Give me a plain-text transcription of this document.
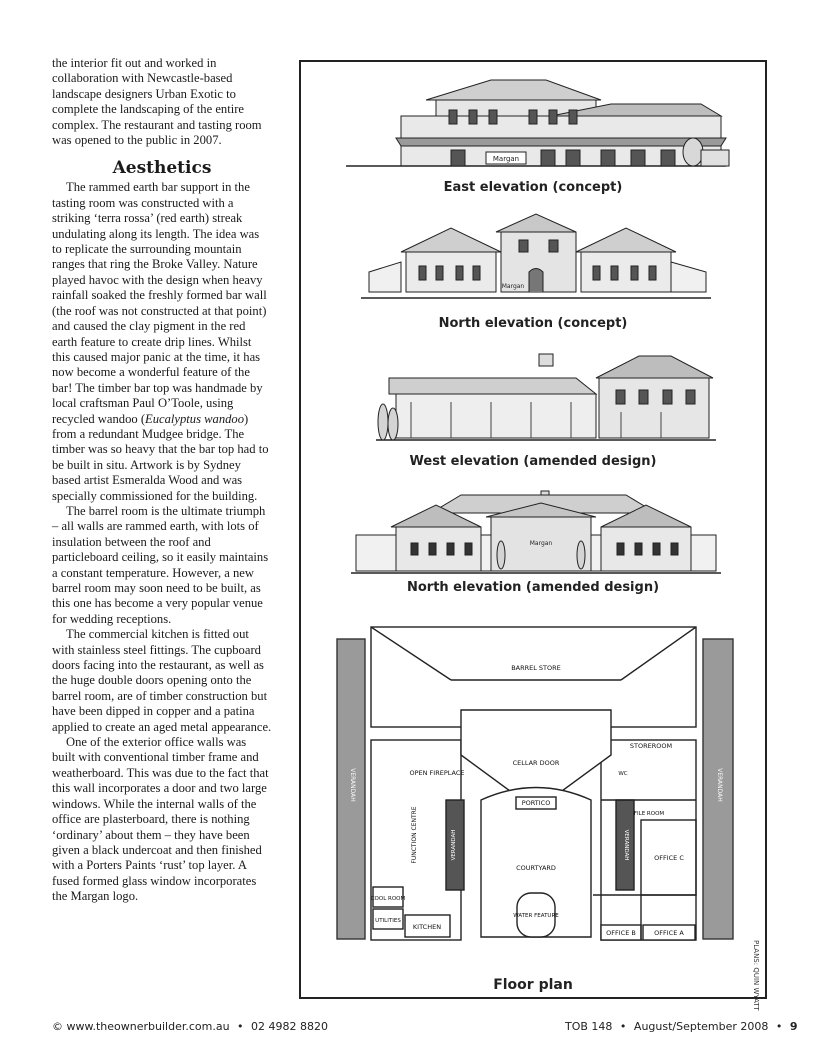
the interior fit out and worked in collaboration with Newcastle-based landscape designers Urban Exotic to complete the landscaping of the entire complex. The restaurant and tasting room was opened to the public in 2007.

Aesthetics

The rammed earth bar support in the tasting room was constructed with a striking ‘terra rossa’ (red earth) streak undulating along its length. The idea was to replicate the surrounding mountain ranges that ring the Broke Valley. Nature played havoc with the design when heavy rainfall soaked the freshly formed bar wall (the roof was not constructed at that point) and caused the clay pigment in the red earth feature to create drip lines. Whilst this caused major panic at the time, it has now become a wonderful feature of the bar! The timber bar top was handmade by local craftsman Paul O’Toole, using recycled wandoo (Eucalyptus wandoo) from a redundant Mudgee bridge. The timber was so heavy that the bar top had to be built in situ. Artwork is by Sydney based artist Esmeralda Wood and was specially commissioned for the building.

The barrel room is the ultimate triumph – all walls are rammed earth, with lots of insulation between the roof and particleboard ceiling, so it easily maintains a constant temperature. However, a new barrel room may soon need to be built, as this one has become a very popular venue for wedding receptions.

The commercial kitchen is fitted out with stainless steel fittings. The cupboard doors facing into the restaurant, as well as the huge double doors opening onto the barrel room, are of timber construction but have been dipped in copper and a patina applied to create an aged metal appearance.

One of the exterior office walls was built with conventional timber frame and weatherboard. This was due to the fact that this wall incorporates a door and two large windows. While the internal walls of the office are plasterboard, there is nothing ‘ordinary’ about them – they have been given a black undercoat and then finished with a Porters Paints ‘rust’ top layer. A fused formed glass window incorporates the Margan logo.

Margan
East elevation (concept)
Margan
North elevation (concept)
West elevation (amended design)
Margan
North elevation (amended design)
BARREL STORE
STOREROOM
CELLAR DOOR
OPEN FIREPLACE
PORTICO
COURTYARD
WATER FEATURE
COOL ROOM
UTILITIES
KITCHEN
OFFICE B	OFFICE A
OFFICE C
FILE ROOM
WC
VERANDAH	VERANDAH
FUNCTION CENTRE	VERANDAH	VERANDAH
Floor plan	PLANS: QUIN WYATT
© www.theownerbuilder.com.au • 02 4982 8820	TOB 148 • August/September 2008 • 9
